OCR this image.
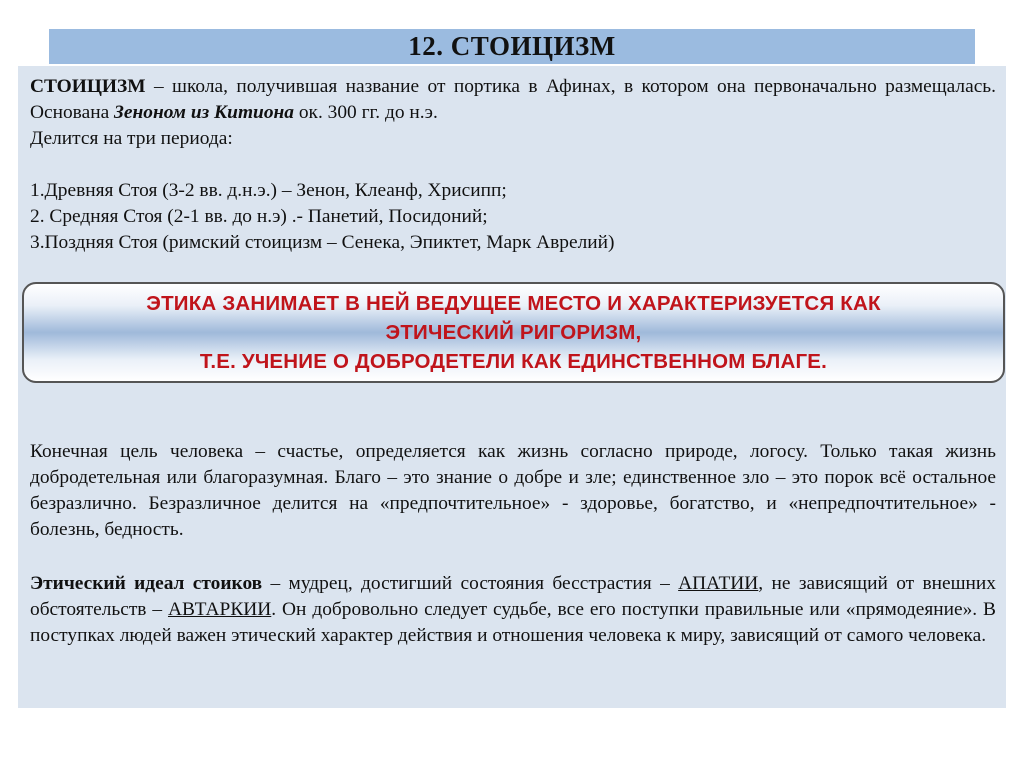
12. СТОИЦИЗМ

СТОИЦИЗМ – школа, получившая название от портика в Афинах, в котором она первоначально размещалась. Основана Зеноном из Китиона ок. 300 гг. до н.э.
Делится на три периода:

1.Древняя Стоя (3-2 вв. д.н.э.) – Зенон, Клеанф, Хрисипп;
2. Средняя Стоя (2-1 вв. до н.э) .- Панетий, Посидоний;
3.Поздняя Стоя (римский стоицизм – Сенека, Эпиктет, Марк Аврелий)

ЭТИКА ЗАНИМАЕТ В НЕЙ ВЕДУЩЕЕ МЕСТО И ХАРАКТЕРИЗУЕТСЯ КАК
ЭТИЧЕСКИЙ РИГОРИЗМ,
Т.Е. УЧЕНИЕ О ДОБРОДЕТЕЛИ КАК ЕДИНСТВЕННОМ БЛАГЕ.

Конечная цель человека – счастье, определяется как жизнь согласно природе, логосу. Только такая жизнь добродетельная или благоразумная. Благо – это знание о добре и зле; единственное зло – это порок всё остальное безразлично. Безразличное делится на «предпочтительное» - здоровье, богатство, и «непредпочтительное» - болезнь, бедность.

Этический идеал стоиков – мудрец, достигший состояния бесстрастия – АПАТИИ, не зависящий от внешних обстоятельств – АВТАРКИИ. Он добровольно следует судьбе, все его поступки правильные или «прямодеяние». В поступках людей важен этический характер действия и отношения человека к миру, зависящий от самого человека.
